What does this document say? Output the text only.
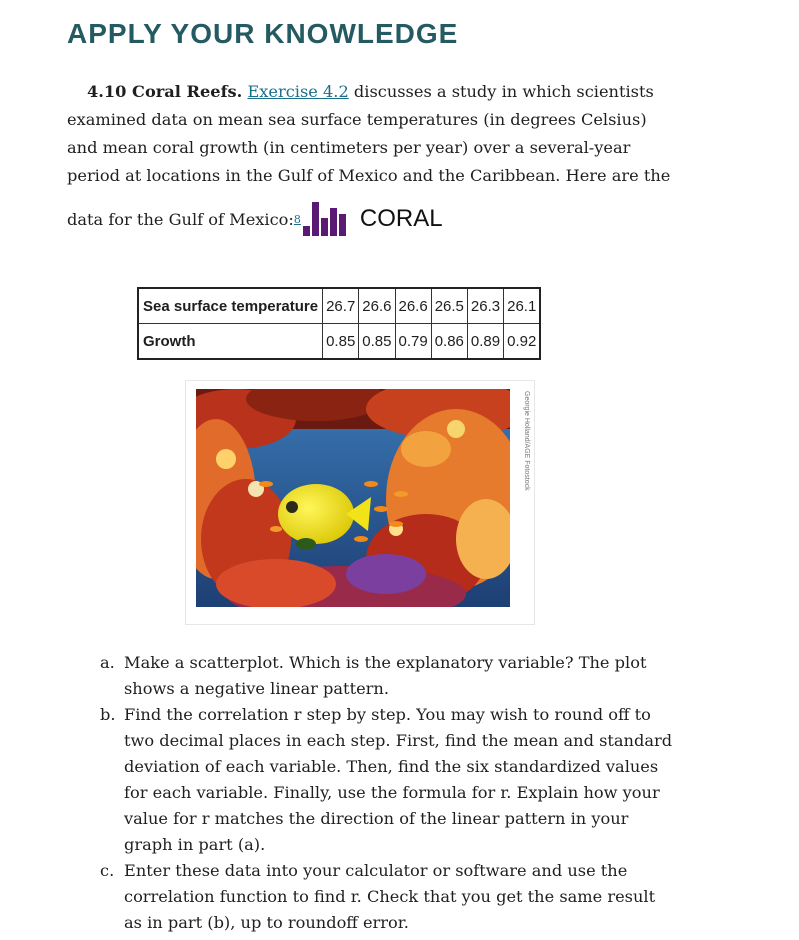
APPLY YOUR KNOWLEDGE
4.10 Coral Reefs. Exercise 4.2 discusses a study in which scientists examined data on mean sea surface temperatures (in degrees Celsius) and mean coral growth (in centimeters per year) over a several-year period at locations in the Gulf of Mexico and the Caribbean. Here are the
data for the Gulf of Mexico: 8 CORAL
Sea surface temperature	26.7	26.6	26.6	26.5	26.3	26.1
Growth	0.85	0.85	0.79	0.86	0.89	0.92
Georgie Holland/AGE Fotostock
a. Make a scatterplot. Which is the explanatory variable? The plot shows a negative linear pattern.
b. Find the correlation r step by step. You may wish to round off to two decimal places in each step. First, find the mean and standard deviation of each variable. Then, find the six standardized values for each variable. Finally, use the formula for r. Explain how your value for r matches the direction of the linear pattern in your graph in part (a).
c. Enter these data into your calculator or software and use the correlation function to find r. Check that you get the same result as in part (b), up to roundoff error.
